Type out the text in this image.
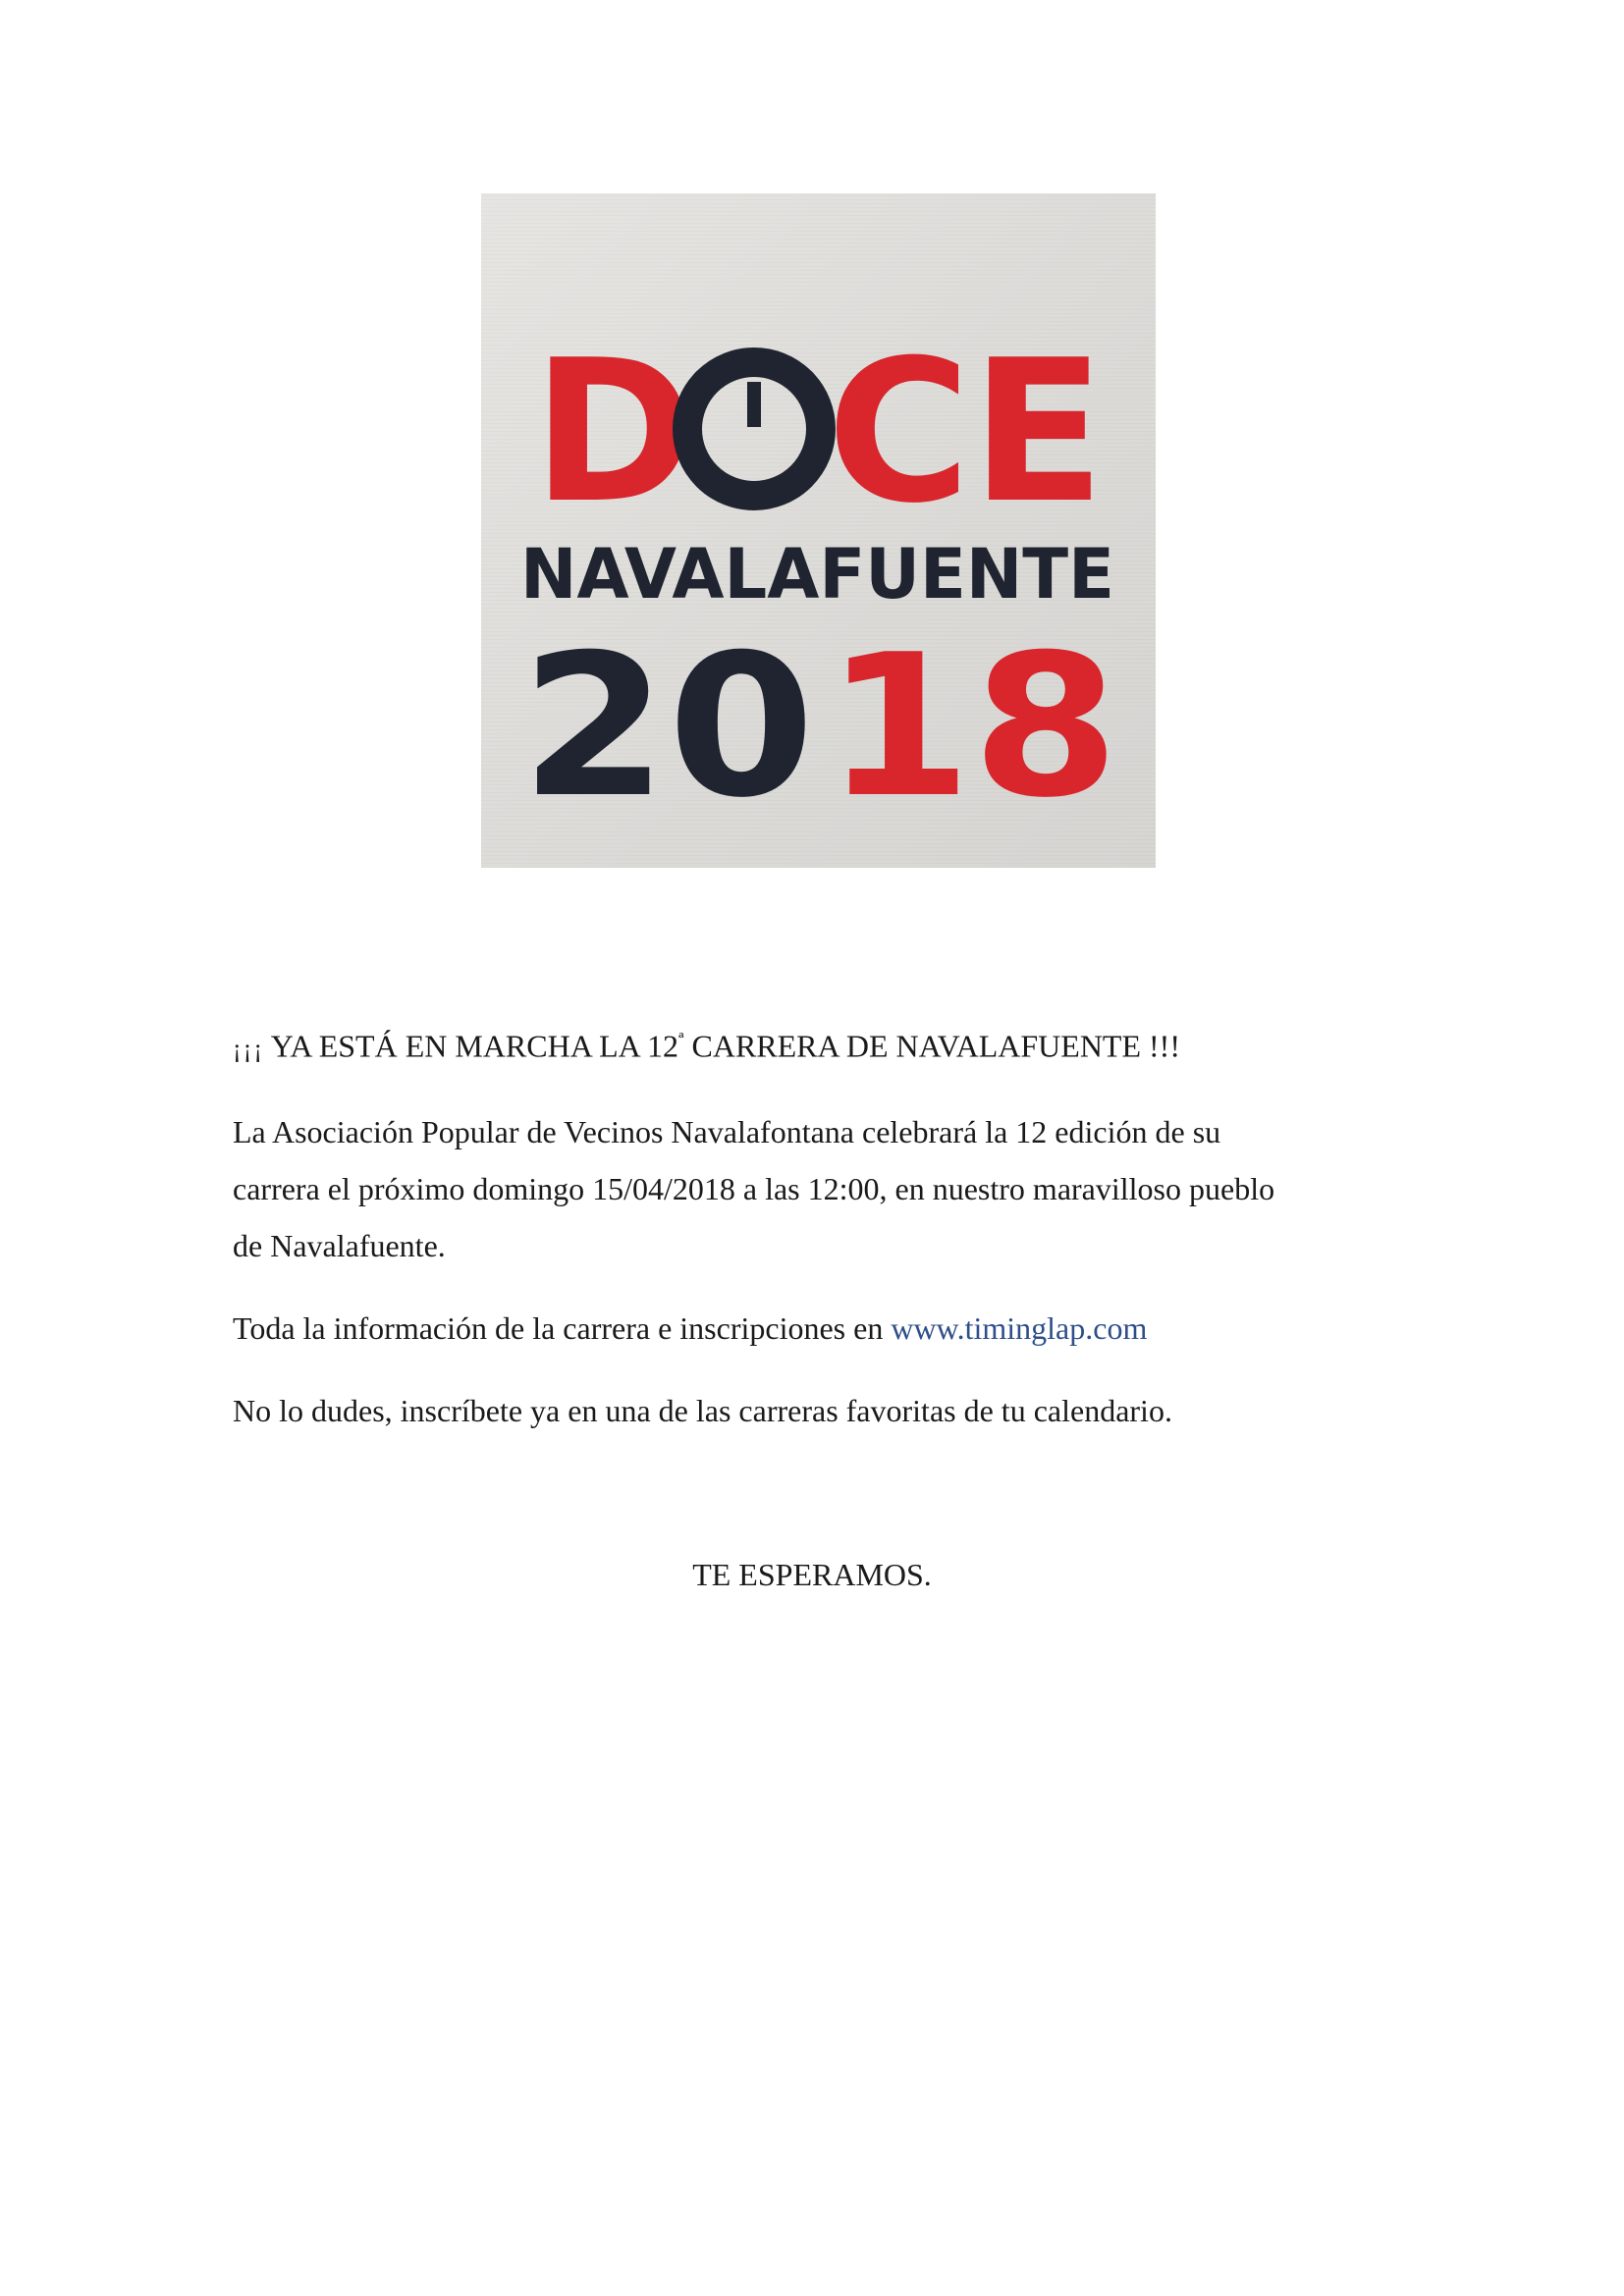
D CE
NAVALAFUENTE
20 18

¡¡¡ YA ESTÁ EN MARCHA LA $12^ª$ CARRERA DE NAVALAFUENTE !!!

La Asociación Popular de Vecinos Navalafontana celebrará la 12 edición de su
carrera el próximo domingo 15/04/2018 a las 12:00, en nuestro maravilloso pueblo
de Navalafuente.

Toda la información de la carrera e inscripciones en www.timinglap.com

No lo dudes, inscríbete ya en una de las carreras favoritas de tu calendario.

TE ESPERAMOS.
